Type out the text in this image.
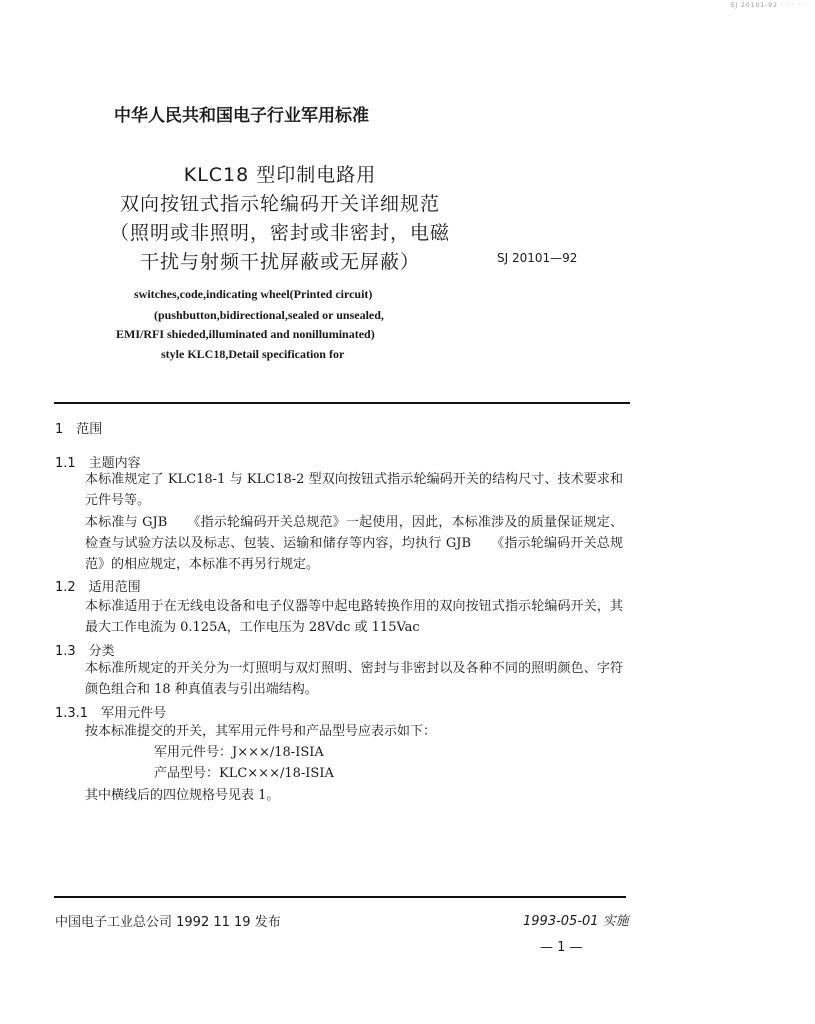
SJ 20101-92 · · · · ·
中华人民共和国电子行业军用标准
KLC18 型印制电路用
双向按钮式指示轮编码开关详细规范
（照明或非照明，密封或非密封，电磁
干扰与射频干扰屏蔽或无屏蔽）	SJ 20101—92
switches,code,indicating wheel(Printed circuit)
(pushbutton,bidirectional,sealed or unsealed,
EMI/RFI shieded,illuminated and nonilluminated)
style KLC18,Detail specification for
1　范围
1.1　主题内容
本标准规定了 KLC18-1 与 KLC18-2 型双向按钮式指示轮编码开关的结构尺寸、技术要求和元件号等。
本标准与 GJB　　《指示轮编码开关总规范》一起使用，因此，本标准涉及的质量保证规定、检查与试验方法以及标志、包装、运输和储存等内容，均执行 GJB　　《指示轮编码开关总规范》的相应规定，本标准不再另行规定。
1.2　适用范围
本标准适用于在无线电设备和电子仪器等中起电路转换作用的双向按钮式指示轮编码开关，其最大工作电流为 0.125A，工作电压为 28Vdc 或 115Vac
1.3　分类
本标准所规定的开关分为一灯照明与双灯照明、密封与非密封以及各种不同的照明颜色、字符颜色组合和 18 种真值表与引出端结构。
1.3.1　军用元件号
按本标准提交的开关，其军用元件号和产品型号应表示如下：
军用元件号：J×××/18-ISIA
产品型号：KLC×××/18-ISIA
其中横线后的四位规格号见表 1。
中国电子工业总公司 1992 11 19 发布	1993-05-01 实施
— 1 —
